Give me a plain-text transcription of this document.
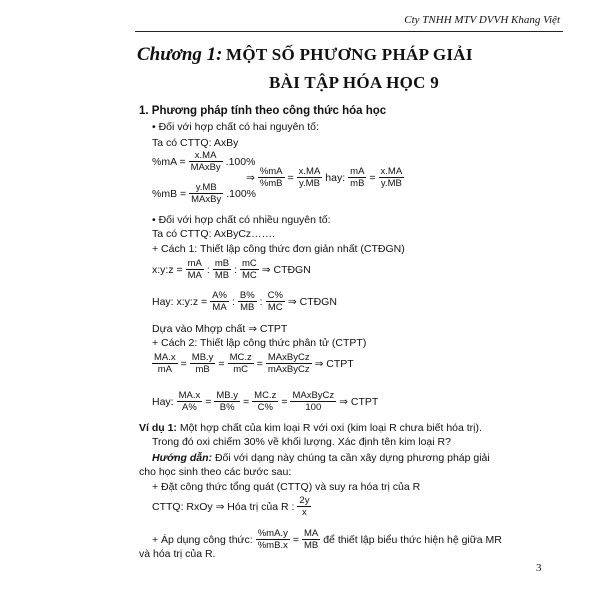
Cty TNHH MTV DVVH Khang Việt
Chương 1: MỘT SỐ PHƯƠNG PHÁP GIẢI
BÀI TẬP HÓA HỌC 9
1. Phương pháp tính theo công thức hóa học
• Đối với hợp chất có hai nguyên tố:
Ta có CTTQ: AxBy
$\%mA = \frac{x.MA}{\text{MAxBy}} .100\%$
$\%mB = \frac{y.MB}{\text{MAxBy}} .100\%$
⇒ $\frac{\%mA}{\%mB} = \frac{x.MA}{y.MB}$ hay: $\frac{mA}{mB} = \frac{x.MA}{y.MB}$
• Đối với hợp chất có nhiều nguyên tố:
Ta có CTTQ: AxByCz…….
+ Cách 1: Thiết lập công thức đơn giản nhất (CTĐGN)
x:y:z = $\frac{mA}{MA}$ : $\frac{mB}{MB}$ : $\frac{mC}{MC}$ ⇒ CTĐGN
Hay: x:y:z = $\frac{A\%}{MA}$ : $\frac{B\%}{MB}$ : $\frac{C\%}{MC}$ ⇒ CTĐGN
Dựa vào Mhợp chất ⇒ CTPT
+ Cách 2: Thiết lập công thức phân tử (CTPT)
$\frac{MA.x}{mA} = \frac{MB.y}{mB} = \frac{MC.z}{mC} = \frac{\text{MAxByCz}}{\text{mAxByCz}}$ ⇒ CTPT
Hay: $\frac{MA.x}{A\%} = \frac{MB.y}{B\%} = \frac{MC.z}{C\%} = \frac{\text{MAxByCz}}{100}$ ⇒ CTPT
Ví dụ 1: Một hợp chất của kim loại R với oxi (kim loại R chưa biết hóa trị).
Trong đó oxi chiếm 30% về khối lượng. Xác định tên kim loại R?
Hướng dẫn: Đối với dạng này chúng ta cần xây dựng phương pháp giải
cho học sinh theo các bước sau:
+ Đặt công thức tổng quát (CTTQ) và suy ra hóa trị của R
CTTQ: RxOy ⇒ Hóa trị của R : $\frac{2y}{x}$
+ Áp dụng công thức: $\frac{\%mA.y}{\%mB.x} = \frac{MA}{MB}$ để thiết lập biểu thức hiện hệ giữa MR
và hóa trị của R.
3
